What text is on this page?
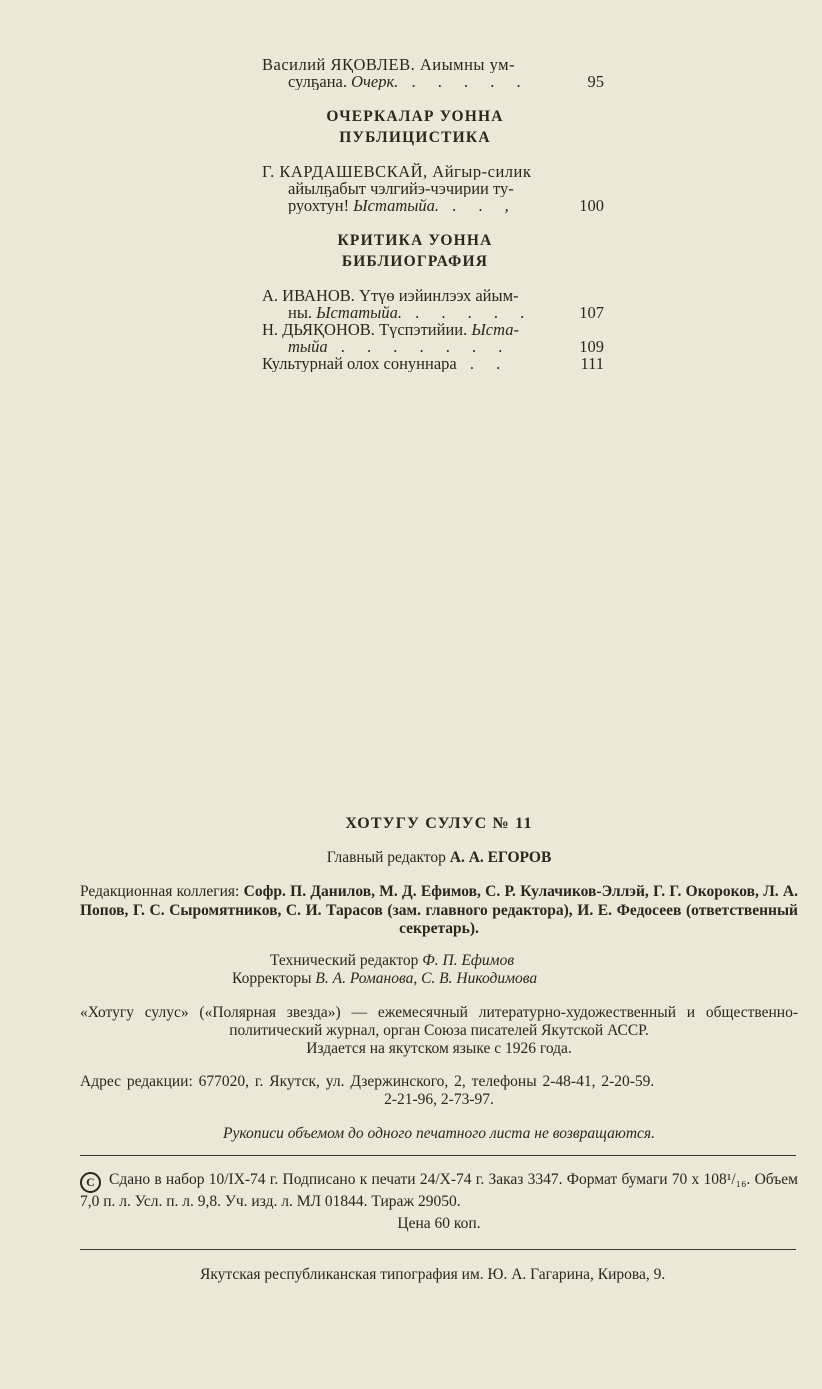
Василий ЯҚОВЛЕВ. Аиымны ум-
сулҕана. Очерк. . . . . .	95
ОЧЕРКАЛАР УОННА
ПУБЛИЦИСТИКА
Г. КАРДАШЕВСКАЙ, Айгыр-силик
айылҕабыт чэлгийэ-чэчирии ту-
руохтун! Ыстатыйа. . . ,	100
КРИТИКА УОННА
БИБЛИОГРАФИЯ
А. ИВАНОВ. Үтүө иэйинлээх айым-
ны. Ыстатыйа. . . . . .	107
Н. ДЬЯҚОНОВ. Түспэтийии. Ыста-
тыйа . . . . . . .	109
Культурнай олох сонуннара . .	111
ХОТУГУ СУЛУС № 11
Главный редактор А. А. ЕГОРОВ
Редакционная коллегия: Софр. П. Данилов, М. Д. Ефимов, С. Р. Кулачиков-Эллэй, Г. Г. Окороков, Л. А. Попов, Г. С. Сыромятников, С. И. Тарасов (зам. главного редактора), И. Е. Федосеев (ответственный секретарь).
Технический редактор Ф. П. Ефимов
Корректоры В. А. Романова, С. В. Никодимова
«Хотугу сулус» («Полярная звезда») — ежемесячный литературно-художественный и общественно-политический журнал, орган Союза писателей Якутской АССР.
Издается на якутском языке с 1926 года.
Адрес редакции: 677020, г. Якутск, ул. Дзержинского, 2, телефоны 2-48-41, 2-20-59.
2-21-96, 2-73-97.
Рукописи объемом до одного печатного листа не возвращаются.
С Сдано в набор 10/IX-74 г. Подписано к печати 24/X-74 г. Заказ 3347. Формат бумаги 70 x 108¹/₁₆. Объем 7,0 п. л. Усл. п. л. 9,8. Уч. изд. л. МЛ 01844. Тираж 29050.
Цена 60 коп.
Якутская республиканская типография им. Ю. А. Гагарина, Кирова, 9.
